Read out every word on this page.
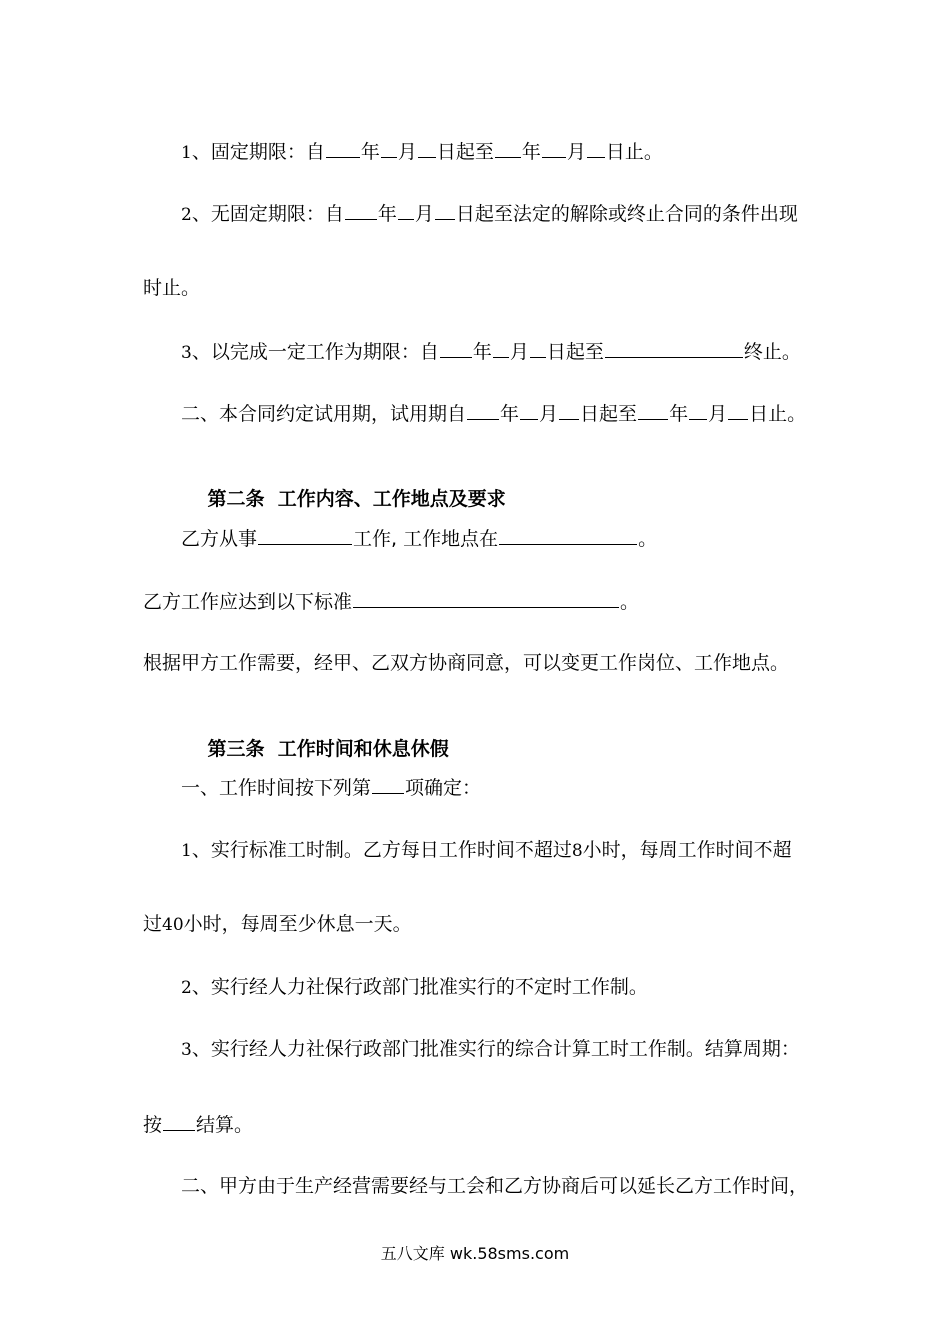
1、固定期限：自 年 月 日起至 年 月 日止。
2、无固定期限：自 年 月 日起至法定的解除或终止合同的条件出现
时止。
3、以完成一定工作为期限：自 年 月 日起至	终止。
二、本合同约定试用期，试用期自 年 月 日起至 年 月 日止。

第二条  工作内容、工作地点及要求

乙方从事	工作, 工作地点在	。
乙方工作应达到以下标准	。
根据甲方工作需要，经甲、乙双方协商同意，可以变更工作岗位、工作地点。

第三条  工作时间和休息休假

一、工作时间按下列第 项确定：
1、实行标准工时制。乙方每日工作时间不超过8小时，每周工作时间不超
过40小时，每周至少休息一天。
2、实行经人力社保行政部门批准实行的不定时工作制。
3、实行经人力社保行政部门批准实行的综合计算工时工作制。结算周期：
按 结算。
二、甲方由于生产经营需要经与工会和乙方协商后可以延长乙方工作时间，
五八文库 wk.58sms.com
